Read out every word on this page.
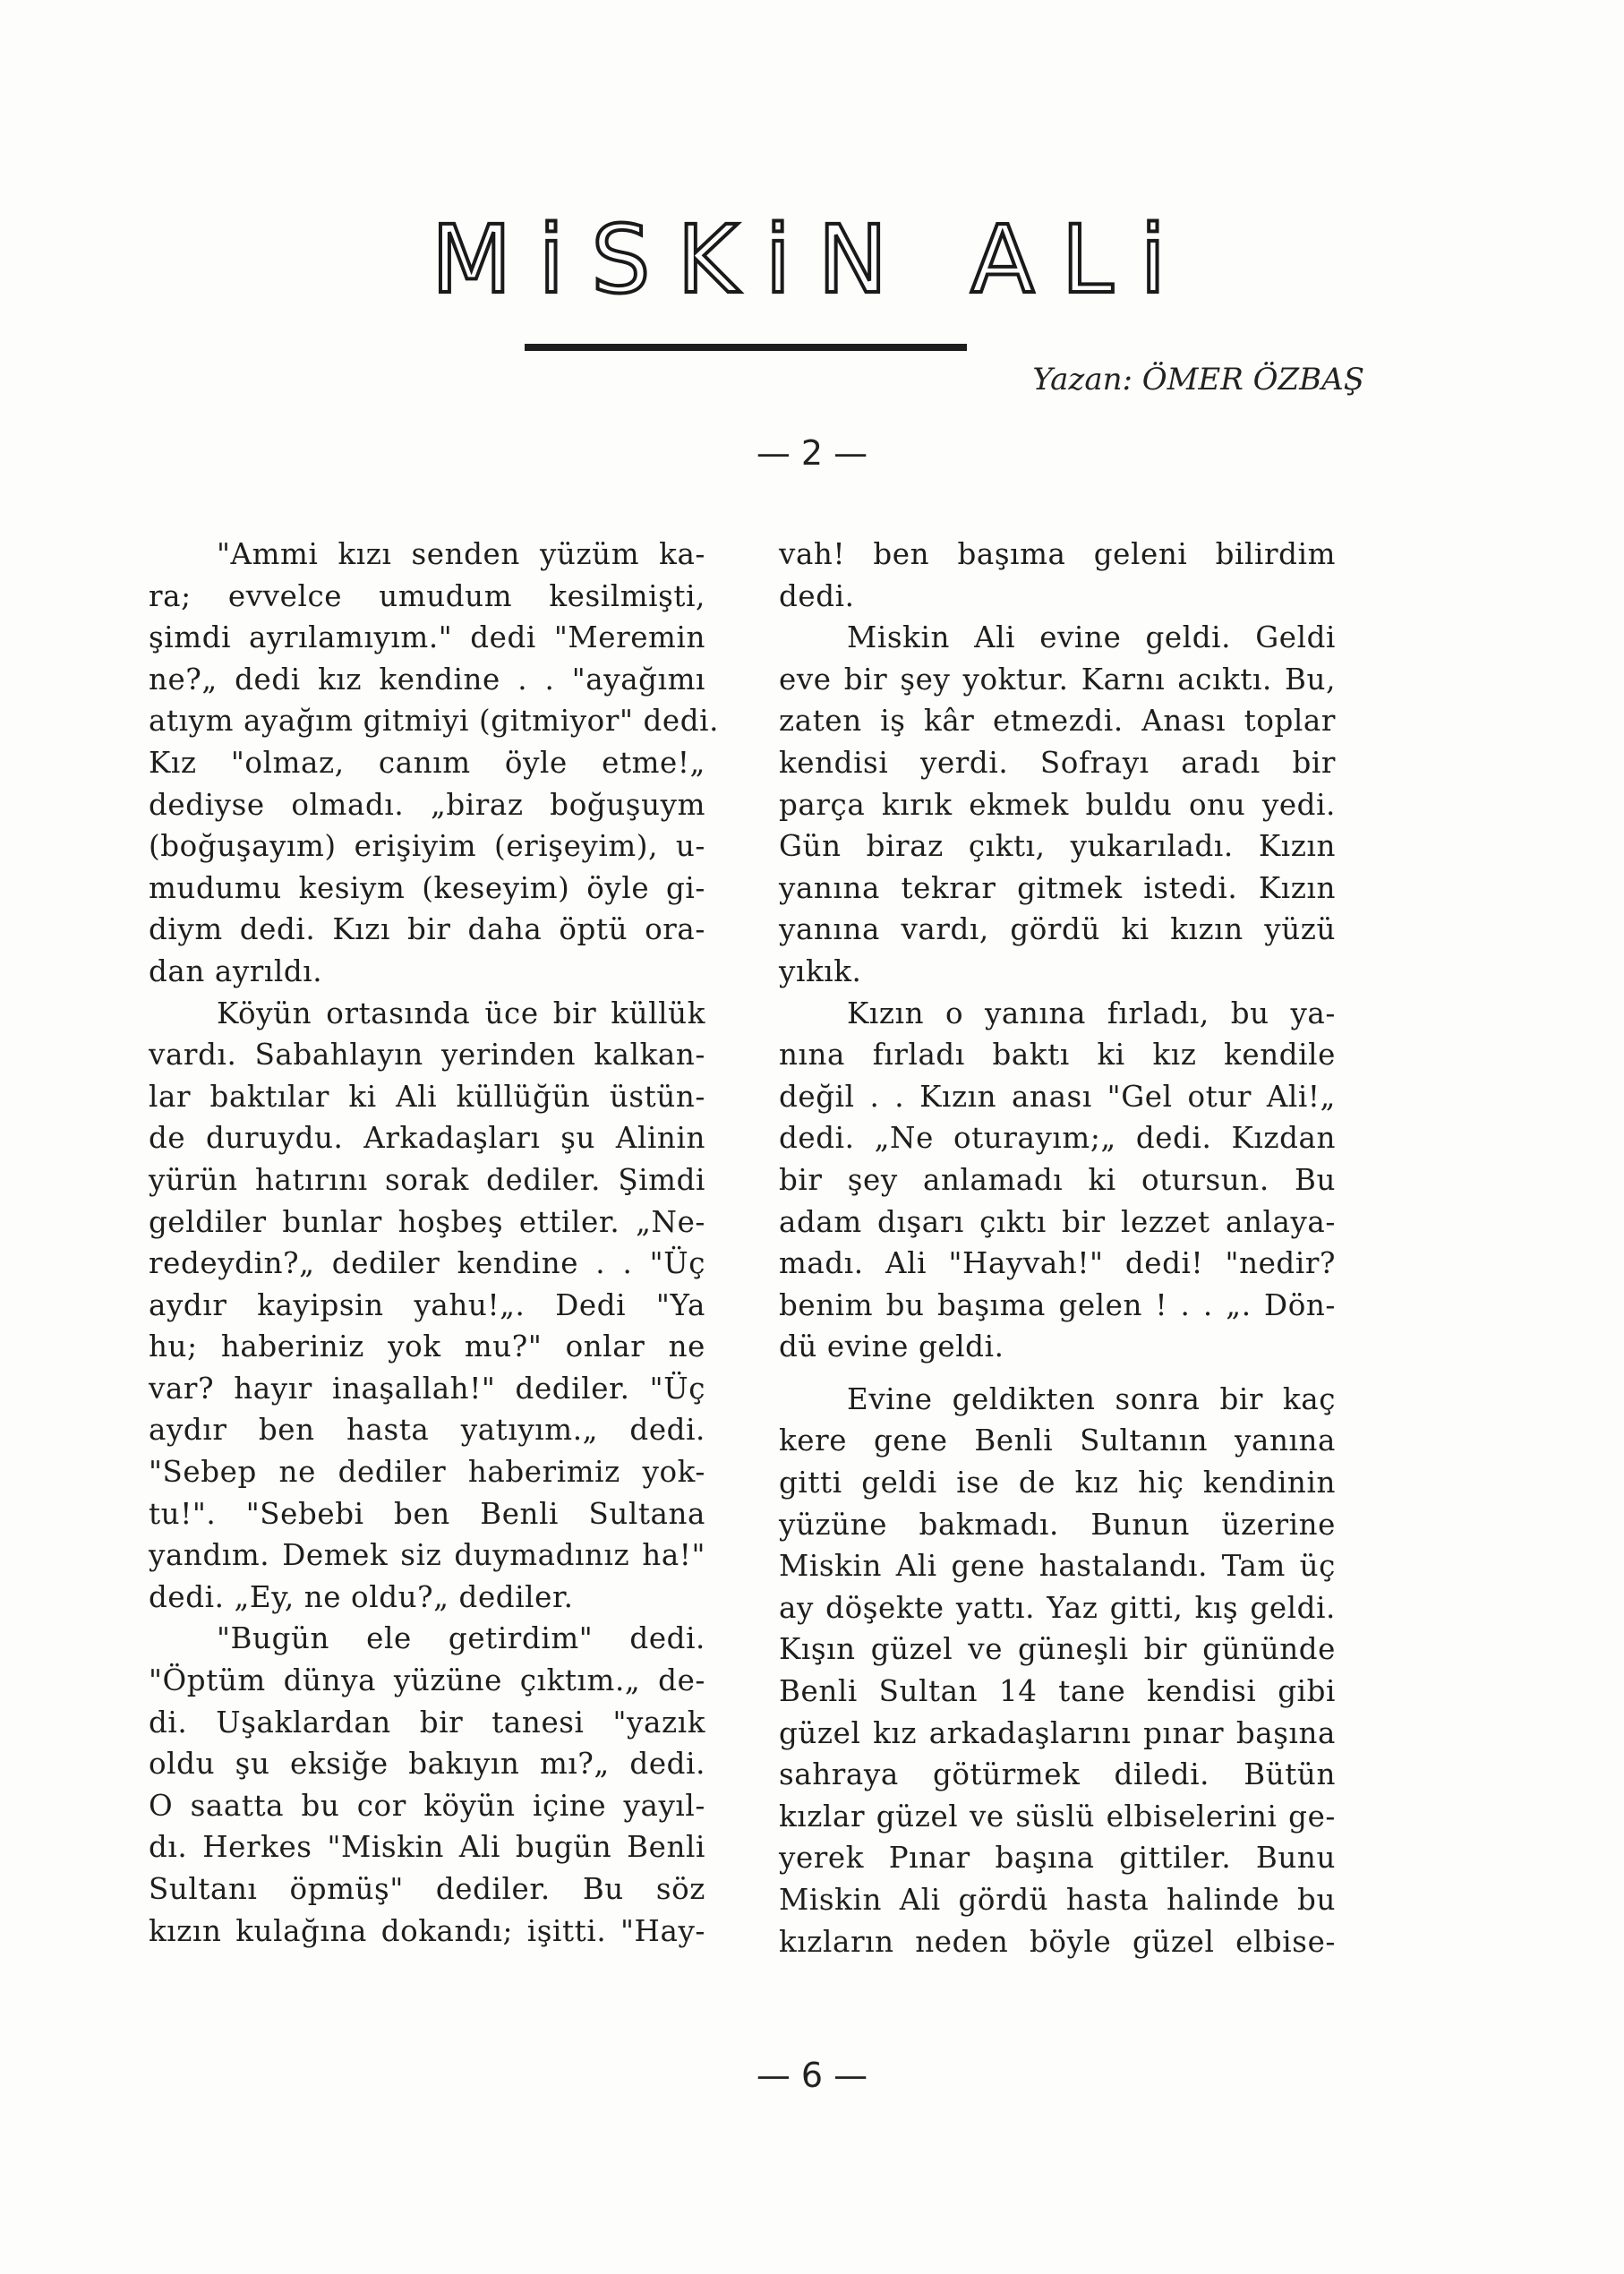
MiSKiN ALi
Yazan: ÖMER ÖZBAŞ
— 2 —
"Ammi kızı senden yüzüm ka-
ra; evvelce umudum kesilmişti,
şimdi ayrılamıyım." dedi "Meremin
ne?„ dedi kız kendine . . "ayağımı
atıym ayağım gitmiyi (gitmiyor" dedi.
Kız "olmaz, canım öyle etme!„
dediyse olmadı. „biraz boğuşuym
(boğuşayım) erişiyim (erişeyim), u-
mudumu kesiym (keseyim) öyle gi-
diym dedi. Kızı bir daha öptü ora-
dan ayrıldı.
Köyün ortasında üce bir küllük
vardı. Sabahlayın yerinden kalkan-
lar baktılar ki Ali küllüğün üstün-
de duruydu. Arkadaşları şu Alinin
yürün hatırını sorak dediler. Şimdi
geldiler bunlar hoşbeş ettiler. „Ne-
redeydin?„ dediler kendine . . "Üç
aydır kayipsin yahu!„. Dedi "Ya
hu; haberiniz yok mu?" onlar ne
var? hayır inaşallah!" dediler. "Üç
aydır ben hasta yatıyım.„ dedi.
"Sebep ne dediler haberimiz yok-
tu!". "Sebebi ben Benli Sultana
yandım. Demek siz duymadınız ha!"
dedi. „Ey, ne oldu?„ dediler.
"Bugün ele getirdim" dedi.
"Öptüm dünya yüzüne çıktım.„ de-
di. Uşaklardan bir tanesi "yazık
oldu şu eksiğe bakıyın mı?„ dedi.
O saatta bu cor köyün içine yayıl-
dı. Herkes "Miskin Ali bugün Benli
Sultanı öpmüş" dediler. Bu söz
kızın kulağına dokandı; işitti. "Hay-
vah! ben başıma geleni bilirdim
dedi.
Miskin Ali evine geldi. Geldi
eve bir şey yoktur. Karnı acıktı. Bu,
zaten iş kâr etmezdi. Anası toplar
kendisi yerdi. Sofrayı aradı bir
parça kırık ekmek buldu onu yedi.
Gün biraz çıktı, yukarıladı. Kızın
yanına tekrar gitmek istedi. Kızın
yanına vardı, gördü ki kızın yüzü
yıkık.
Kızın o yanına fırladı, bu ya-
nına fırladı baktı ki kız kendile
değil . . Kızın anası "Gel otur Ali!„
dedi. „Ne oturayım;„ dedi. Kızdan
bir şey anlamadı ki otursun. Bu
adam dışarı çıktı bir lezzet anlaya-
madı. Ali "Hayvah!" dedi! "nedir?
benim bu başıma gelen ! . . „. Dön-
dü evine geldi.
Evine geldikten sonra bir kaç
kere gene Benli Sultanın yanına
gitti geldi ise de kız hiç kendinin
yüzüne bakmadı. Bunun üzerine
Miskin Ali gene hastalandı. Tam üç
ay döşekte yattı. Yaz gitti, kış geldi.
Kışın güzel ve güneşli bir gününde
Benli Sultan 14 tane kendisi gibi
güzel kız arkadaşlarını pınar başına
sahraya götürmek diledi. Bütün
kızlar güzel ve süslü elbiselerini ge-
yerek Pınar başına gittiler. Bunu
Miskin Ali gördü hasta halinde bu
kızların neden böyle güzel elbise-
— 6 —
